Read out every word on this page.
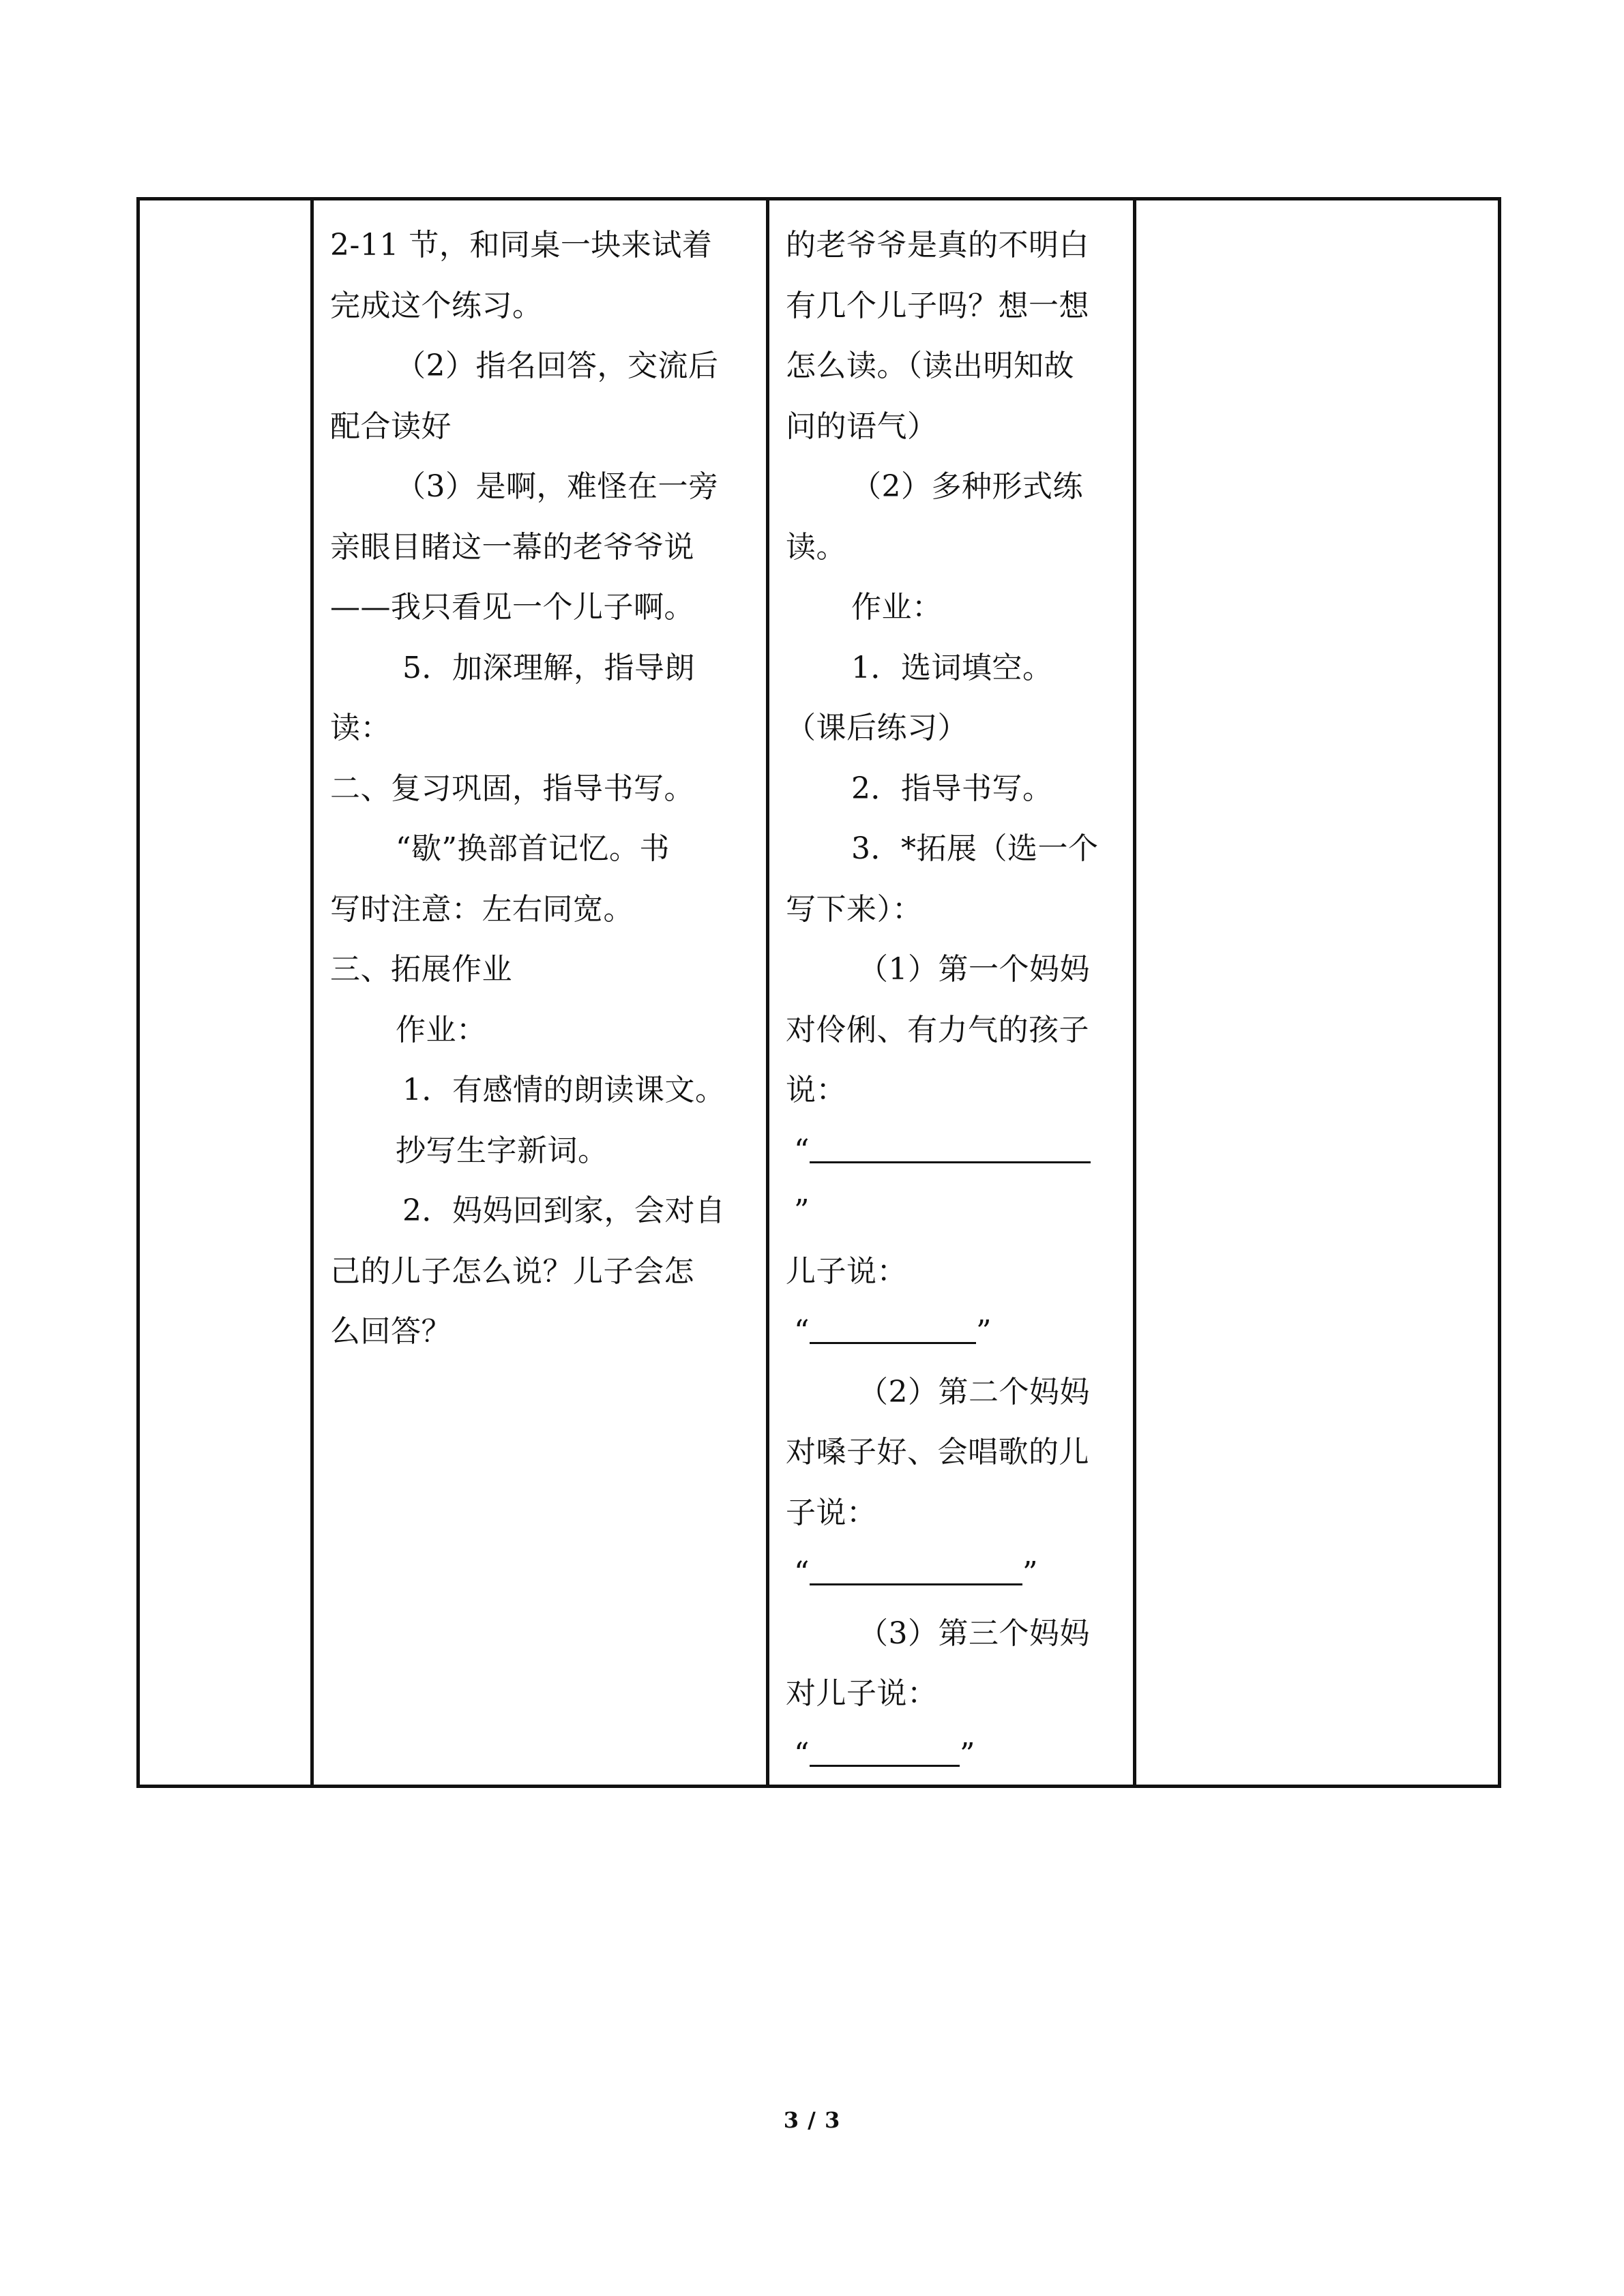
2-11 节，和同桌一块来试着
完成这个练习。
（2）指名回答，交流后
配合读好
（3）是啊，难怪在一旁
亲眼目睹这一幕的老爷爷说
——我只看见一个儿子啊。
5．加深理解，指导朗
读：
二、复习巩固，指导书写。
“歇”换部首记忆。书
写时注意：左右同宽。
三、拓展作业
作业：
1．有感情的朗读课文。
抄写生字新词。
2．妈妈回到家，会对自
己的儿子怎么说？儿子会怎
么回答？

的老爷爷是真的不明白
有几个儿子吗？想一想
怎么读。（读出明知故
问的语气）
（2）多种形式练
读。
作业：
1．选词填空。
（课后练习）
2．指导书写。
3．*拓展（选一个
写下来）：
（1）第一个妈妈
对伶俐、有力气的孩子
说：
“
”
儿子说：
“	”
（2）第二个妈妈
对嗓子好、会唱歌的儿
子说：
“	”
（3）第三个妈妈
对儿子说：
“	”

3 / 3
